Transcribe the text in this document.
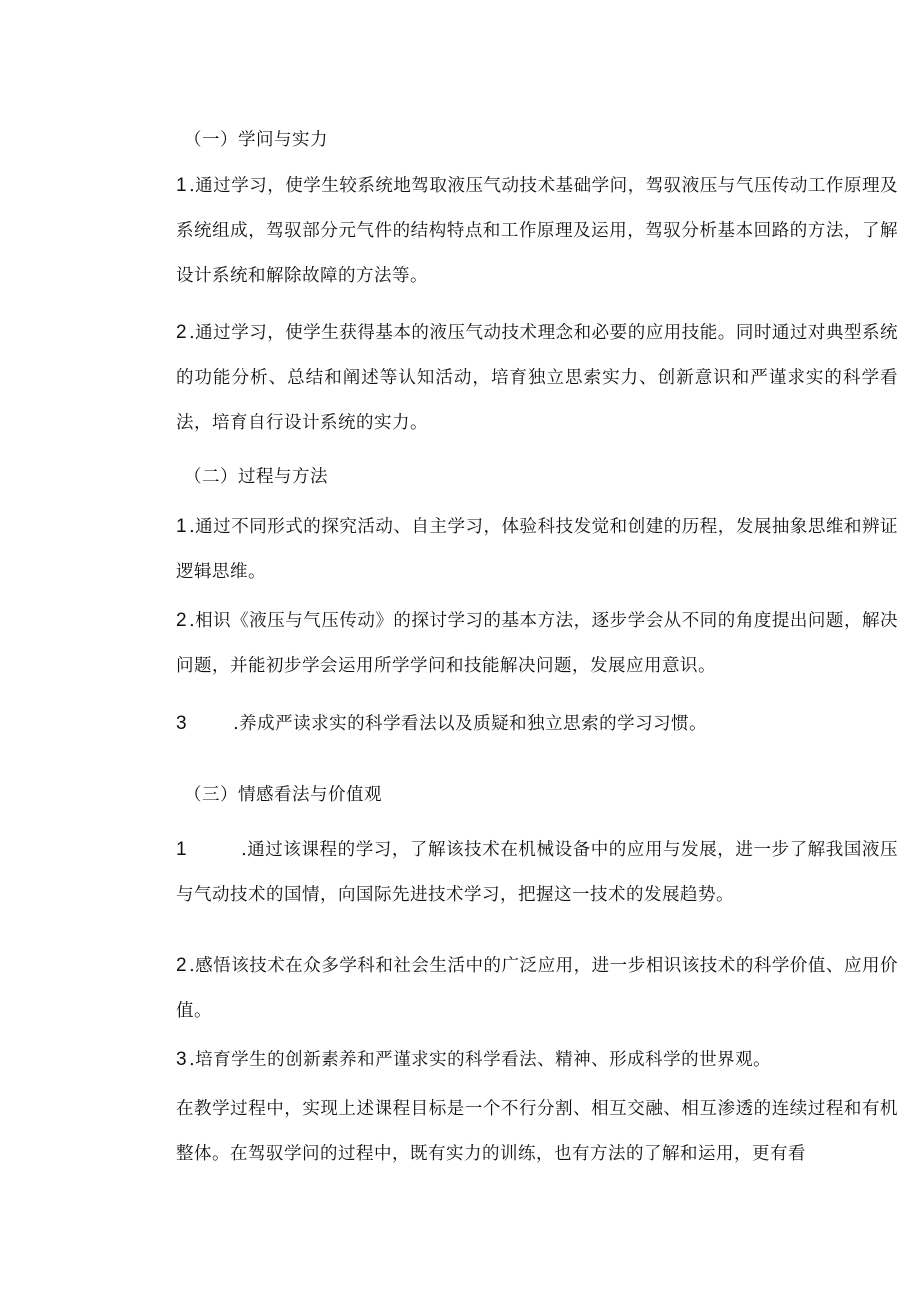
（一）学问与实力
1 .通过学习，使学生较系统地驾取液压气动技术基础学问，驾驭液压与气压传动工作原理及系统组成，驾驭部分元气件的结构特点和工作原理及运用，驾驭分析基本回路的方法，了解设计系统和解除故障的方法等。
2 .通过学习，使学生获得基本的液压气动技术理念和必要的应用技能。同时通过对典型系统的功能分析、总结和阐述等认知活动，培育独立思索实力、创新意识和严谨求实的科学看法，培育自行设计系统的实力。
（二）过程与方法
1 .通过不同形式的探究活动、自主学习，体验科技发觉和创建的历程，发展抽象思维和辨证逻辑思维。
2 .相识《液压与气压传动》的探讨学习的基本方法，逐步学会从不同的角度提出问题，解决问题，并能初步学会运用所学学问和技能解决问题，发展应用意识。
3	.养成严读求实的科学看法以及质疑和独立思索的学习习惯。
（三）情感看法与价值观
1	.通过该课程的学习，了解该技术在机械设备中的应用与发展，进一步了解我国液压与气动技术的国情，向国际先进技术学习，把握这一技术的发展趋势。
2 .感悟该技术在众多学科和社会生活中的广泛应用，进一步相识该技术的科学价值、应用价值。
3 .培育学生的创新素养和严谨求实的科学看法、精神、形成科学的世界观。
在教学过程中，实现上述课程目标是一个不行分割、相互交融、相互渗透的连续过程和有机整体。在驾驭学问的过程中，既有实力的训练，也有方法的了解和运用，更有看
